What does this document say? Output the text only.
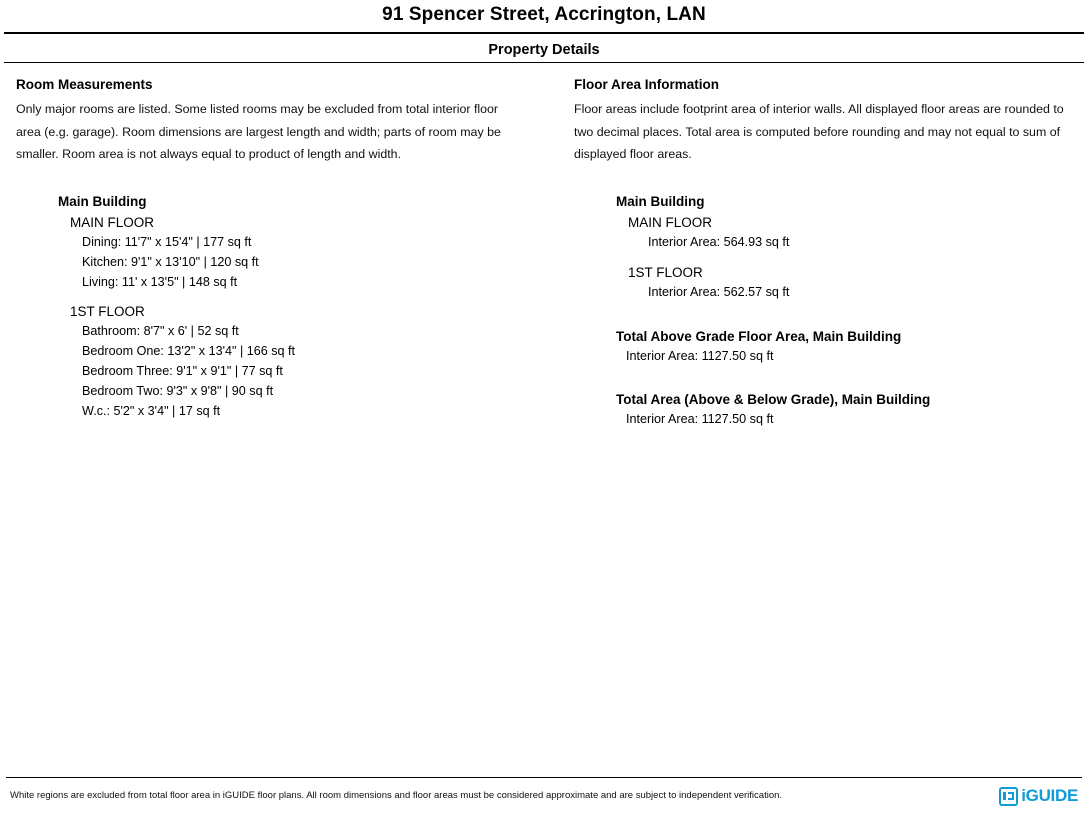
91 Spencer Street, Accrington, LAN
Property Details
Room Measurements
Only major rooms are listed. Some listed rooms may be excluded from total interior floor area (e.g. garage). Room dimensions are largest length and width; parts of room may be smaller. Room area is not always equal to product of length and width.
Main Building
MAIN FLOOR
Dining: 11'7" x 15'4" | 177 sq ft
Kitchen: 9'1" x 13'10" | 120 sq ft
Living: 11' x 13'5" | 148 sq ft
1ST FLOOR
Bathroom: 8'7" x 6' | 52 sq ft
Bedroom One: 13'2" x 13'4" | 166 sq ft
Bedroom Three: 9'1" x 9'1" | 77 sq ft
Bedroom Two: 9'3" x 9'8" | 90 sq ft
W.c.: 5'2" x 3'4" | 17 sq ft
Floor Area Information
Floor areas include footprint area of interior walls. All displayed floor areas are rounded to two decimal places. Total area is computed before rounding and may not equal to sum of displayed floor areas.
Main Building
MAIN FLOOR
Interior Area: 564.93 sq ft
1ST FLOOR
Interior Area: 562.57 sq ft
Total Above Grade Floor Area, Main Building
Interior Area: 1127.50 sq ft
Total Area (Above & Below Grade), Main Building
Interior Area: 1127.50 sq ft
White regions are excluded from total floor area in iGUIDE floor plans. All room dimensions and floor areas must be considered approximate and are subject to independent verification.	iGUIDE
